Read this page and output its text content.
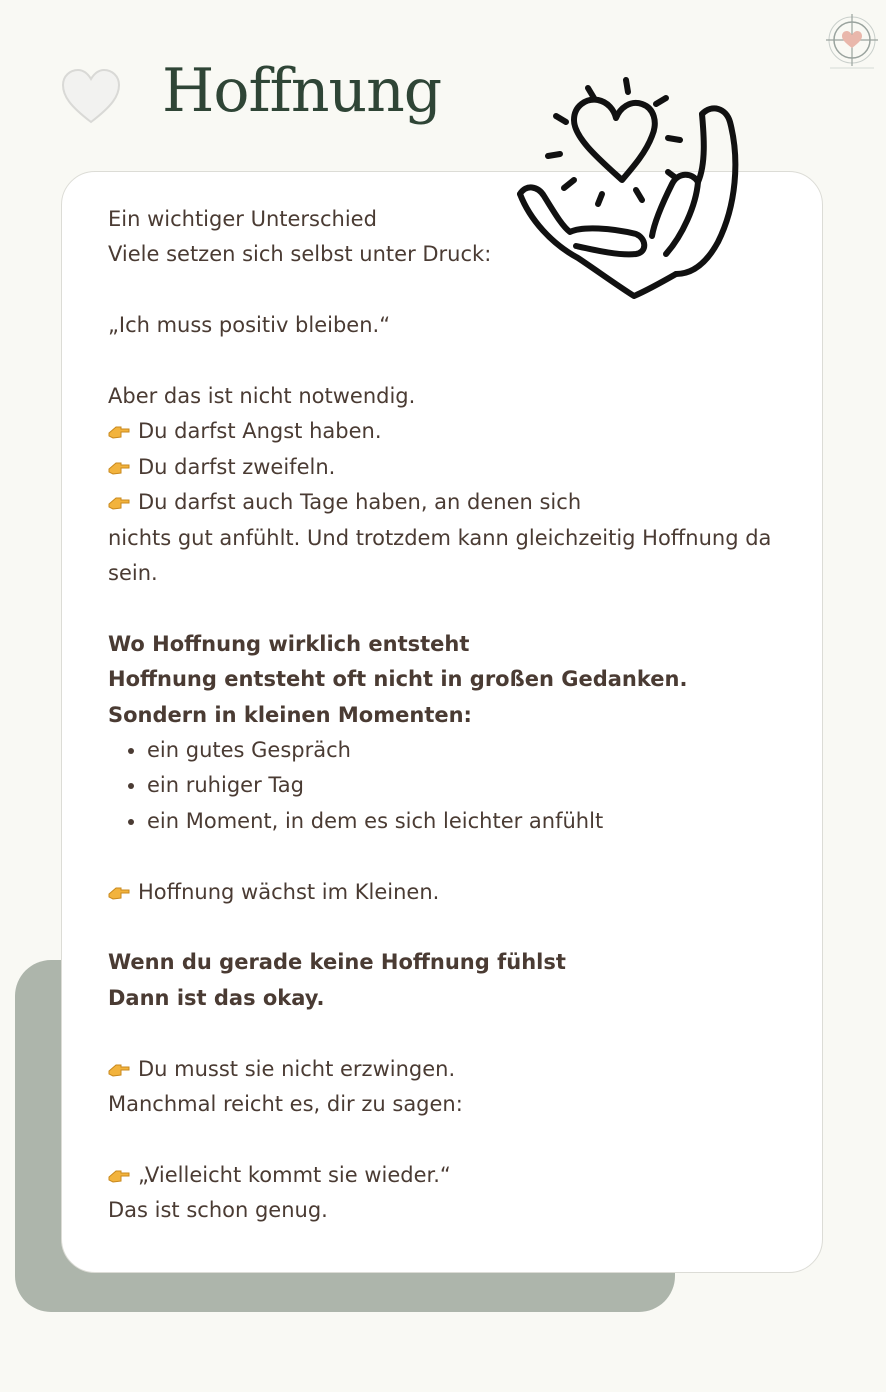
Hoffnung

Ein wichtiger Unterschied

Viele setzen sich selbst unter Druck:

„Ich muss positiv bleiben.“

Aber das ist nicht notwendig.

Du darfst Angst haben.

Du darfst zweifeln.

Du darfst auch Tage haben, an denen sich

nichts gut anfühlt. Und trotzdem kann gleichzeitig Hoffnung da sein.

Wo Hoffnung wirklich entsteht

Hoffnung entsteht oft nicht in großen Gedanken.

Sondern in kleinen Momenten:

• ein gutes Gespräch
• ein ruhiger Tag
• ein Moment, in dem es sich leichter anfühlt

Hoffnung wächst im Kleinen.

Wenn du gerade keine Hoffnung fühlst

Dann ist das okay.

Du musst sie nicht erzwingen.

Manchmal reicht es, dir zu sagen:

„Vielleicht kommt sie wieder.“

Das ist schon genug.
